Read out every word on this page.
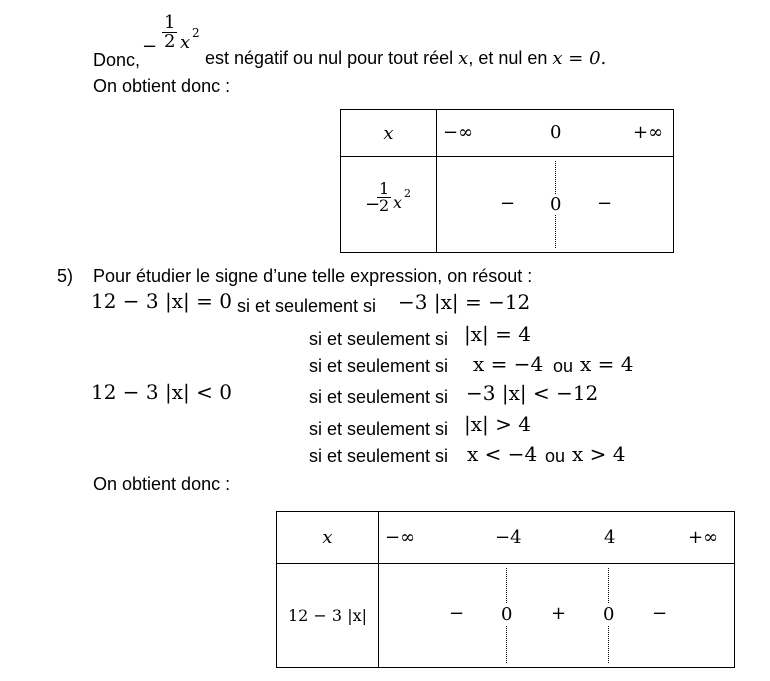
Donc,
−
1
2 x 2
est négatif ou nul pour tout réel x, et nul en x = 0.
On obtient donc :
x	−∞ 0 +∞

−
1
2 x 2	− 0 −
5) Pour étudier le signe d’une telle expression, on résout :
12 − 3 |x| = 0 si et seulement si −3 |x| = −12
si et seulement si |x| = 4
si et seulement si x = −4 ou x = 4
12 − 3 |x| < 0	si et seulement si −3 |x| < −12
si et seulement si |x| > 4
si et seulement si x < −4 ou x > 4
On obtient donc :
x	−∞ −4 4 +∞

12 − 3 |x|	− 0 + 0 −
